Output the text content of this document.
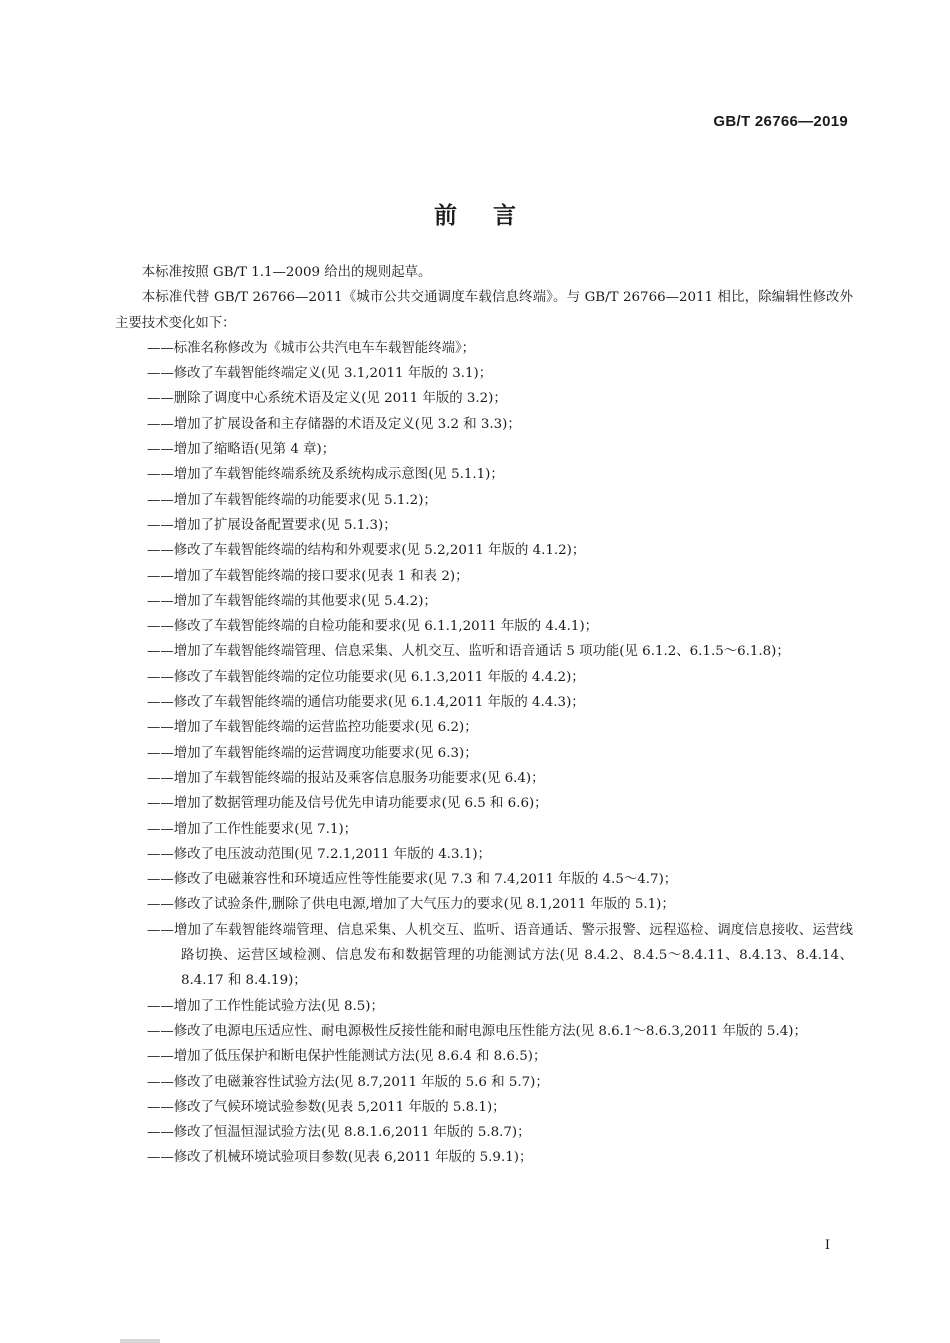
GB/T 26766—2019
前言

本标准按照 GB/T 1.1—2009 给出的规则起草。

本标准代替 GB/T 26766—2011《城市公共交通调度车载信息终端》。与 GB/T 26766—2011 相比，除编辑性修改外主要技术变化如下：

——标准名称修改为《城市公共汽电车车载智能终端》；

——修改了车载智能终端定义(见 3.1,2011 年版的 3.1)；

——删除了调度中心系统术语及定义(见 2011 年版的 3.2)；

——增加了扩展设备和主存储器的术语及定义(见 3.2 和 3.3)；

——增加了缩略语(见第 4 章)；

——增加了车载智能终端系统及系统构成示意图(见 5.1.1)；

——增加了车载智能终端的功能要求(见 5.1.2)；

——增加了扩展设备配置要求(见 5.1.3)；

——修改了车载智能终端的结构和外观要求(见 5.2,2011 年版的 4.1.2)；

——增加了车载智能终端的接口要求(见表 1 和表 2)；

——增加了车载智能终端的其他要求(见 5.4.2)；

——修改了车载智能终端的自检功能和要求(见 6.1.1,2011 年版的 4.4.1)；

——增加了车载智能终端管理、信息采集、人机交互、监听和语音通话 5 项功能(见 6.1.2、6.1.5～6.1.8)；

——修改了车载智能终端的定位功能要求(见 6.1.3,2011 年版的 4.4.2)；

——修改了车载智能终端的通信功能要求(见 6.1.4,2011 年版的 4.4.3)；

——增加了车载智能终端的运营监控功能要求(见 6.2)；

——增加了车载智能终端的运营调度功能要求(见 6.3)；

——增加了车载智能终端的报站及乘客信息服务功能要求(见 6.4)；

——增加了数据管理功能及信号优先申请功能要求(见 6.5 和 6.6)；

——增加了工作性能要求(见 7.1)；

——修改了电压波动范围(见 7.2.1,2011 年版的 4.3.1)；

——修改了电磁兼容性和环境适应性等性能要求(见 7.3 和 7.4,2011 年版的 4.5～4.7)；

——修改了试验条件,删除了供电电源,增加了大气压力的要求(见 8.1,2011 年版的 5.1)；

——增加了车载智能终端管理、信息采集、人机交互、监听、语音通话、警示报警、远程巡检、调度信息接收、运营线路切换、运营区域检测、信息发布和数据管理的功能测试方法(见 8.4.2、8.4.5～8.4.11、8.4.13、8.4.14、8.4.17 和 8.4.19)；

——增加了工作性能试验方法(见 8.5)；

——修改了电源电压适应性、耐电源极性反接性能和耐电源电压性能方法(见 8.6.1～8.6.3,2011 年版的 5.4)；

——增加了低压保护和断电保护性能测试方法(见 8.6.4 和 8.6.5)；

——修改了电磁兼容性试验方法(见 8.7,2011 年版的 5.6 和 5.7)；

——修改了气候环境试验参数(见表 5,2011 年版的 5.8.1)；

——修改了恒温恒湿试验方法(见 8.8.1.6,2011 年版的 5.8.7)；

——修改了机械环境试验项目参数(见表 6,2011 年版的 5.9.1)；

I
